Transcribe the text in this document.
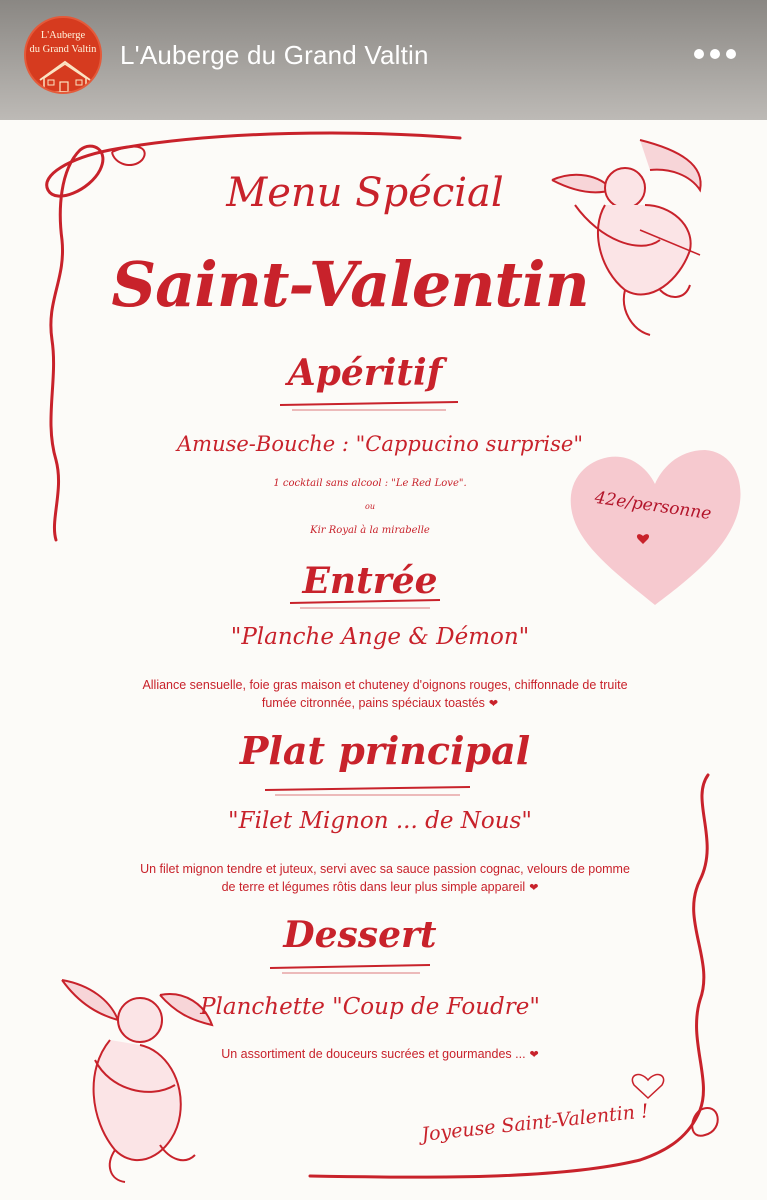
L'Auberge
du Grand Valtin L'Auberge du Grand Valtin
42e/personne
Menu Spécial
Saint-Valentin
Apéritif
Amuse-Bouche : "Cappucino surprise"
1 cocktail sans alcool : "Le Red Love".
ou
Kir Royal à la mirabelle
Entrée
"Planche Ange & Démon"
Alliance sensuelle, foie gras maison et chuteney d'oignons rouges, chiffonnade de truite
fumée citronnée, pains spéciaux toastés ❤
Plat principal
"Filet Mignon ... de Nous"
Un filet mignon tendre et juteux, servi avec sa sauce passion cognac, velours de pomme
de terre et légumes rôtis dans leur plus simple appareil ❤
Dessert
Planchette "Coup de Foudre"
Un assortiment de douceurs sucrées et gourmandes ... ❤
Joyeuse Saint-Valentin !
